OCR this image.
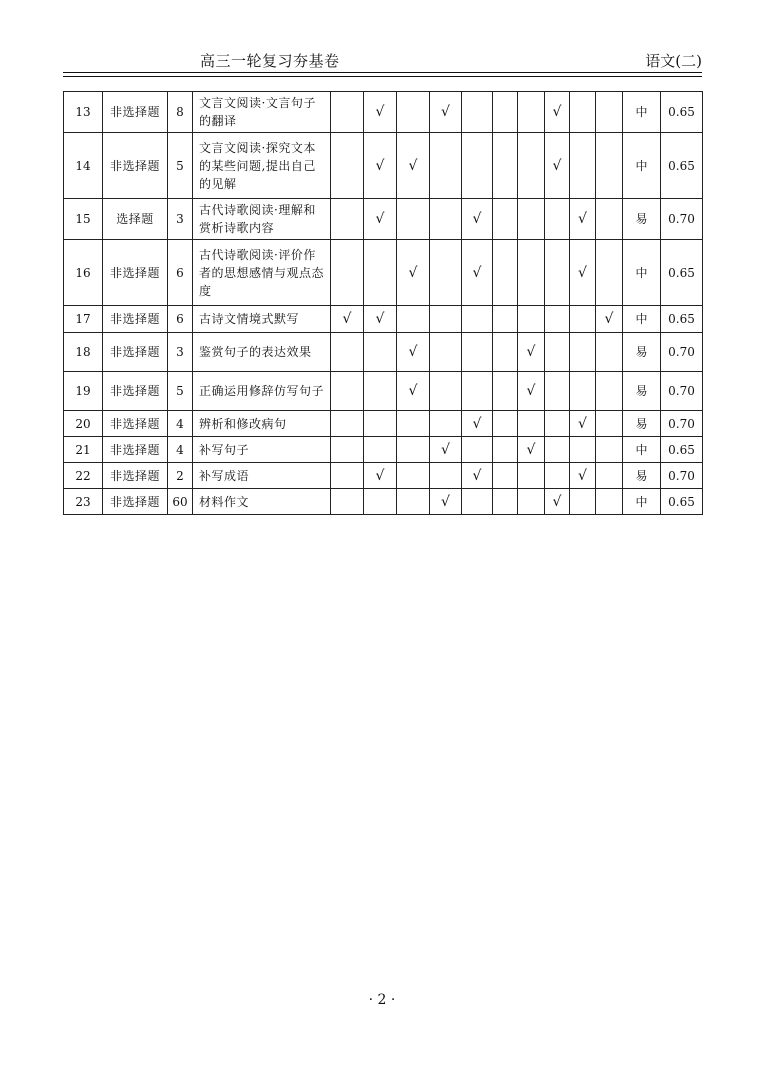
高三一轮复习夯基卷	语文(二)
13	非选择题	8	文言文阅读·文言句子的翻译		√		√				√			中	0.65
14	非选择题	5	文言文阅读·探究文本的某些问题,提出自己的见解		√	√					√			中	0.65
15	选择题	3	古代诗歌阅读·理解和赏析诗歌内容		√			√				√		易	0.70
16	非选择题	6	古代诗歌阅读·评价作者的思想感情与观点态度			√		√				√		中	0.65
17	非选择题	6	古诗文情境式默写	√	√								√	中	0.65
18	非选择题	3	鉴赏句子的表达效果			√				√				易	0.70
19	非选择题	5	正确运用修辞仿写句子			√				√				易	0.70
20	非选择题	4	辨析和修改病句					√				√		易	0.70
21	非选择题	4	补写句子				√			√				中	0.65
22	非选择题	2	补写成语		√			√				√		易	0.70
23	非选择题	60	材料作文				√				√			中	0.65
· 2 ·
